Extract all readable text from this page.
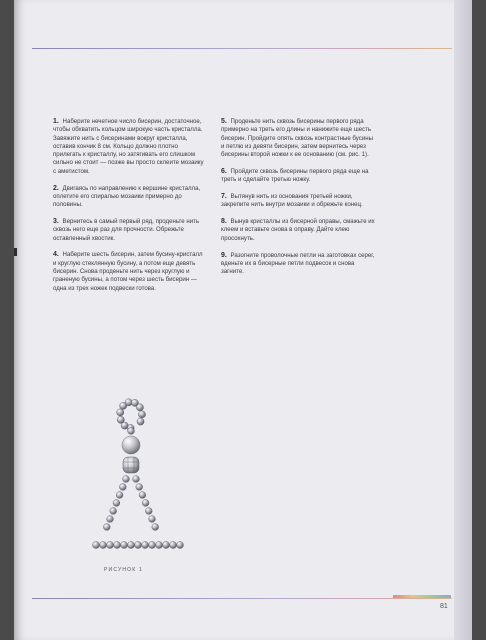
1. Наберите нечетное число бисерин, достаточное, чтобы обхватить кольцом широкую часть кристалла. Завяжите нить с бисеринами вокруг кристалла, оставив кончик 8 см. Кольцо должно плотно прилегать к кристаллу, но затягивать его слишком сильно не стоит — позже вы просто склеите мозаику с аметистом.

2. Двигаясь по направлению к вершине кристалла, оплетите его спиралью мозаики примерно до половины.

3. Вернитесь в самый первый ряд, проденьте нить сквозь него еще раз для прочности. Обрежьте оставленный хвостик.

4. Наберите шесть бисерин, затем бусину-кристалл и круглую стеклянную бусину, а потом еще девять бисерин. Снова проденьте нить через круглую и граненую бусины, а потом через шесть бисерин — одна из трех ножек подвески готова.

5. Проденьте нить сквозь бисерины первого ряда примерно на треть его длины и нанижите еще шесть бисерин. Пройдите опять сквозь контрастные бусины и петлю из девяти бисерин, затем вернитесь через бисерины второй ножки к ее основанию (см. рис. 1).

6. Пройдите сквозь бисерины первого ряда еще на треть и сделайте третью ножку.

7. Вытянув нить из основания третьей ножки, закрепите нить внутри мозаики и обрежьте конец.

8. Вынув кристаллы из бисерной оправы, смажьте их клеем и вставьте снова в оправу. Дайте клею просохнуть.

9. Разогните проволочные петли на заготовках серег, вденьте их в бисерные петли подвесок и снова загните.

РИСУНОК 1
81
